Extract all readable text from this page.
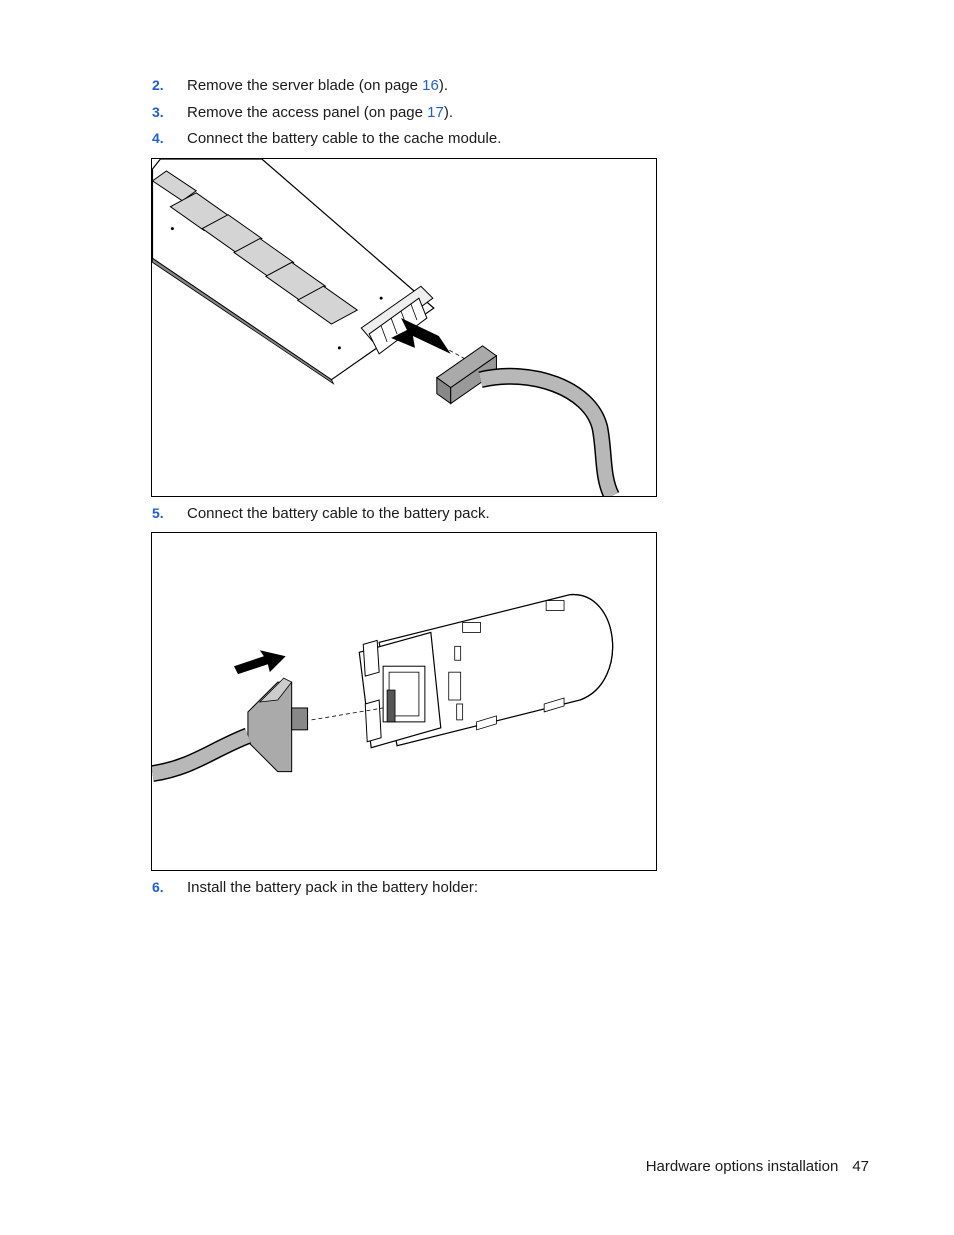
2. Remove the server blade (on page 16).
3. Remove the access panel (on page 17).
4. Connect the battery cable to the cache module.
5. Connect the battery cable to the battery pack.
6. Install the battery pack in the battery holder:
Hardware options installation 47
